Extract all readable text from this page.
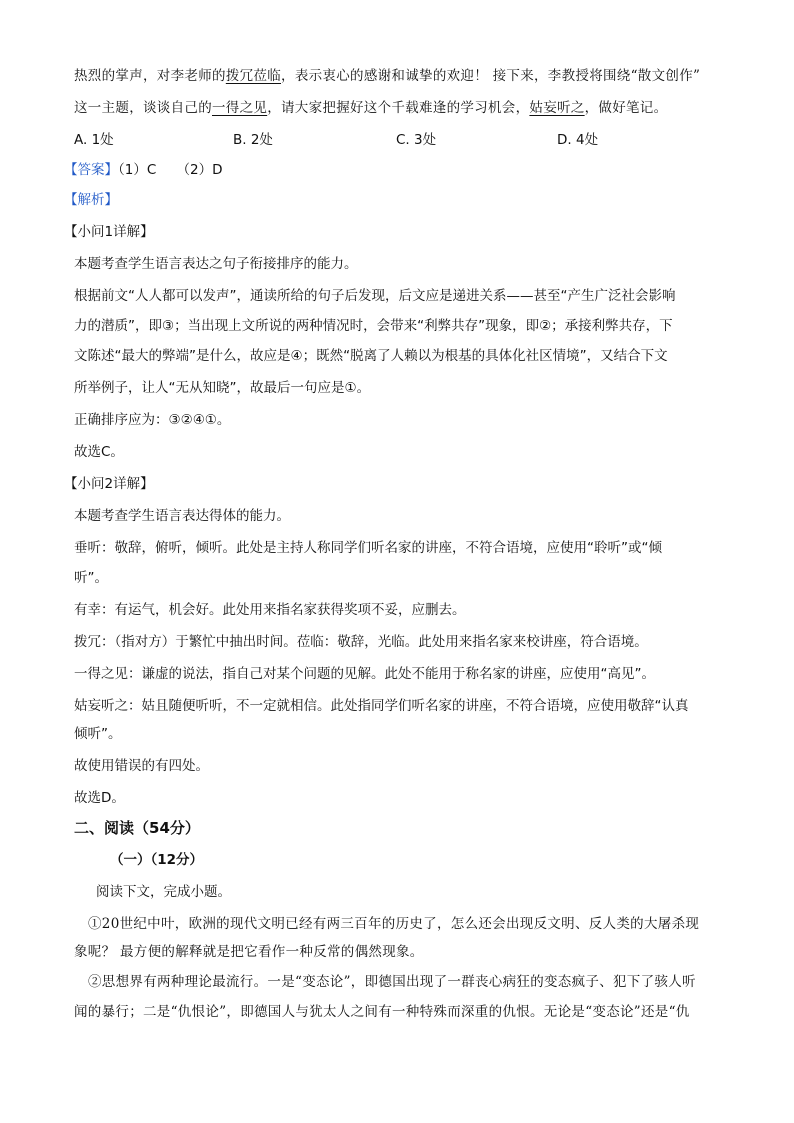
热烈的掌声，对李老师的拨冗莅临，表示衷心的感谢和诚挚的欢迎！ 接下来，李教授将围绕“散文创作”
这一主题，谈谈自己的一得之见，请大家把握好这个千载难逢的学习机会，姑妄听之，做好笔记。
A. 1处	B. 2处	C. 3处	D. 4处
【答案】（1）C　　（2）D
【解析】
【小问1详解】
本题考查学生语言表达之句子衔接排序的能力。
根据前文“人人都可以发声”，通读所给的句子后发现，后文应是递进关系——甚至“产生广泛社会影响
力的潜质”，即③；当出现上文所说的两种情况时，会带来“利弊共存”现象，即②；承接利弊共存，下
文陈述“最大的弊端”是什么，故应是④；既然“脱离了人赖以为根基的具体化社区情境”，又结合下文
所举例子，让人“无从知晓”，故最后一句应是①。
正确排序应为：③②④①。
故选C。
【小问2详解】
本题考查学生语言表达得体的能力。
垂听：敬辞，俯听，倾听。此处是主持人称同学们听名家的讲座，不符合语境，应使用“聆听”或“倾
听”。
有幸：有运气，机会好。此处用来指名家获得奖项不妥，应删去。
拨冗：（指对方）于繁忙中抽出时间。莅临：敬辞，光临。此处用来指名家来校讲座，符合语境。
一得之见：谦虚的说法，指自己对某个问题的见解。此处不能用于称名家的讲座，应使用“高见”。
姑妄听之：姑且随便听听，不一定就相信。此处指同学们听名家的讲座，不符合语境，应使用敬辞“认真
倾听”。
故使用错误的有四处。
故选D。
二、阅读（54分）
（一）（12分）
阅读下文，完成小题。
①20世纪中叶，欧洲的现代文明已经有两三百年的历史了，怎么还会出现反文明、反人类的大屠杀现
象呢？ 最方便的解释就是把它看作一种反常的偶然现象。
②思想界有两种理论最流行。一是“变态论”，即德国出现了一群丧心病狂的变态疯子、犯下了骇人听
闻的暴行；二是“仇恨论”，即德国人与犹太人之间有一种特殊而深重的仇恨。无论是“变态论”还是“仇
